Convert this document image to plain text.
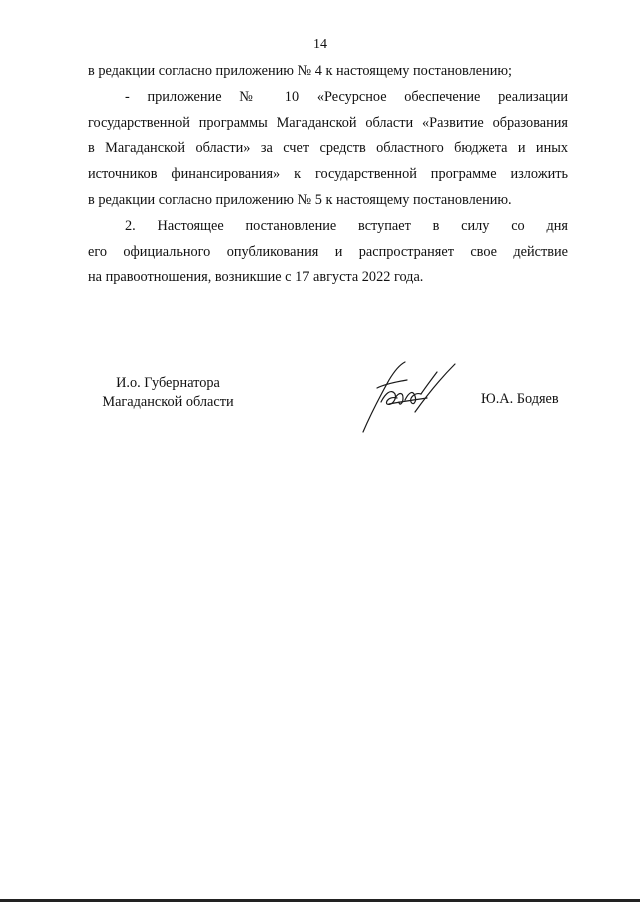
14
в редакции согласно приложению № 4 к настоящему постановлению;
- приложение № 10 «Ресурсное обеспечение реализации
государственной программы Магаданской области «Развитие образования
в Магаданской области» за счет средств областного бюджета и иных
источников финансирования» к государственной программе изложить
в редакции согласно приложению № 5 к настоящему постановлению.
2. Настоящее постановление вступает в силу со дня
его официального опубликования и распространяет свое действие
на правоотношения, возникшие с 17 августа 2022 года.
И.о. Губернатора
Магаданской области	Ю.А. Бодяев
